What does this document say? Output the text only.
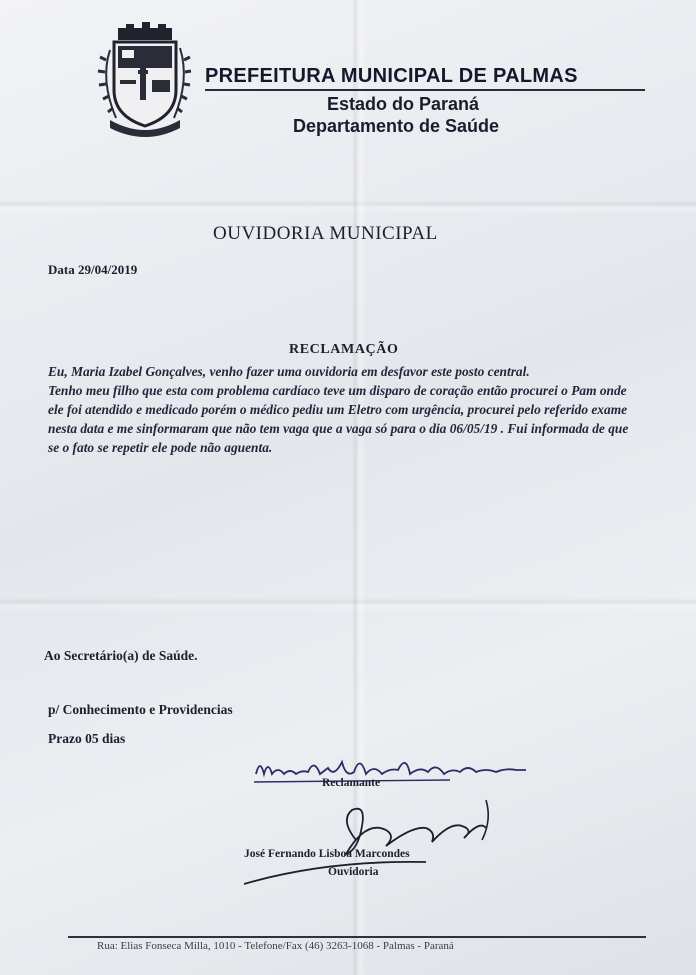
PREFEITURA MUNICIPAL DE PALMAS

Estado do Paraná

Departamento de Saúde

OUVIDORIA MUNICIPAL
Data 29/04/2019
RECLAMAÇÃO

Eu, Maria Izabel Gonçalves, venho fazer uma ouvidoria em desfavor este posto central.

Tenho meu filho que esta com problema cardíaco teve um disparo de coração então procurei o Pam onde ele foi atendido e medicado porém o médico pediu um Eletro com urgência, procurei pelo referido exame nesta data e me sinformaram que não tem vaga que a vaga só para o dia 06/05/19 . Fui informada de que se o fato se repetir ele pode não aguenta.

Ao Secretário(a) de Saúde.
p/ Conhecimento e Providencias
Prazo 05 dias
Reclamante
José Fernando Lisboa Marcondes
Ouvidoria
Rua: Elias Fonseca Milla, 1010 - Telefone/Fax (46) 3263-1068 - Palmas - Paraná
